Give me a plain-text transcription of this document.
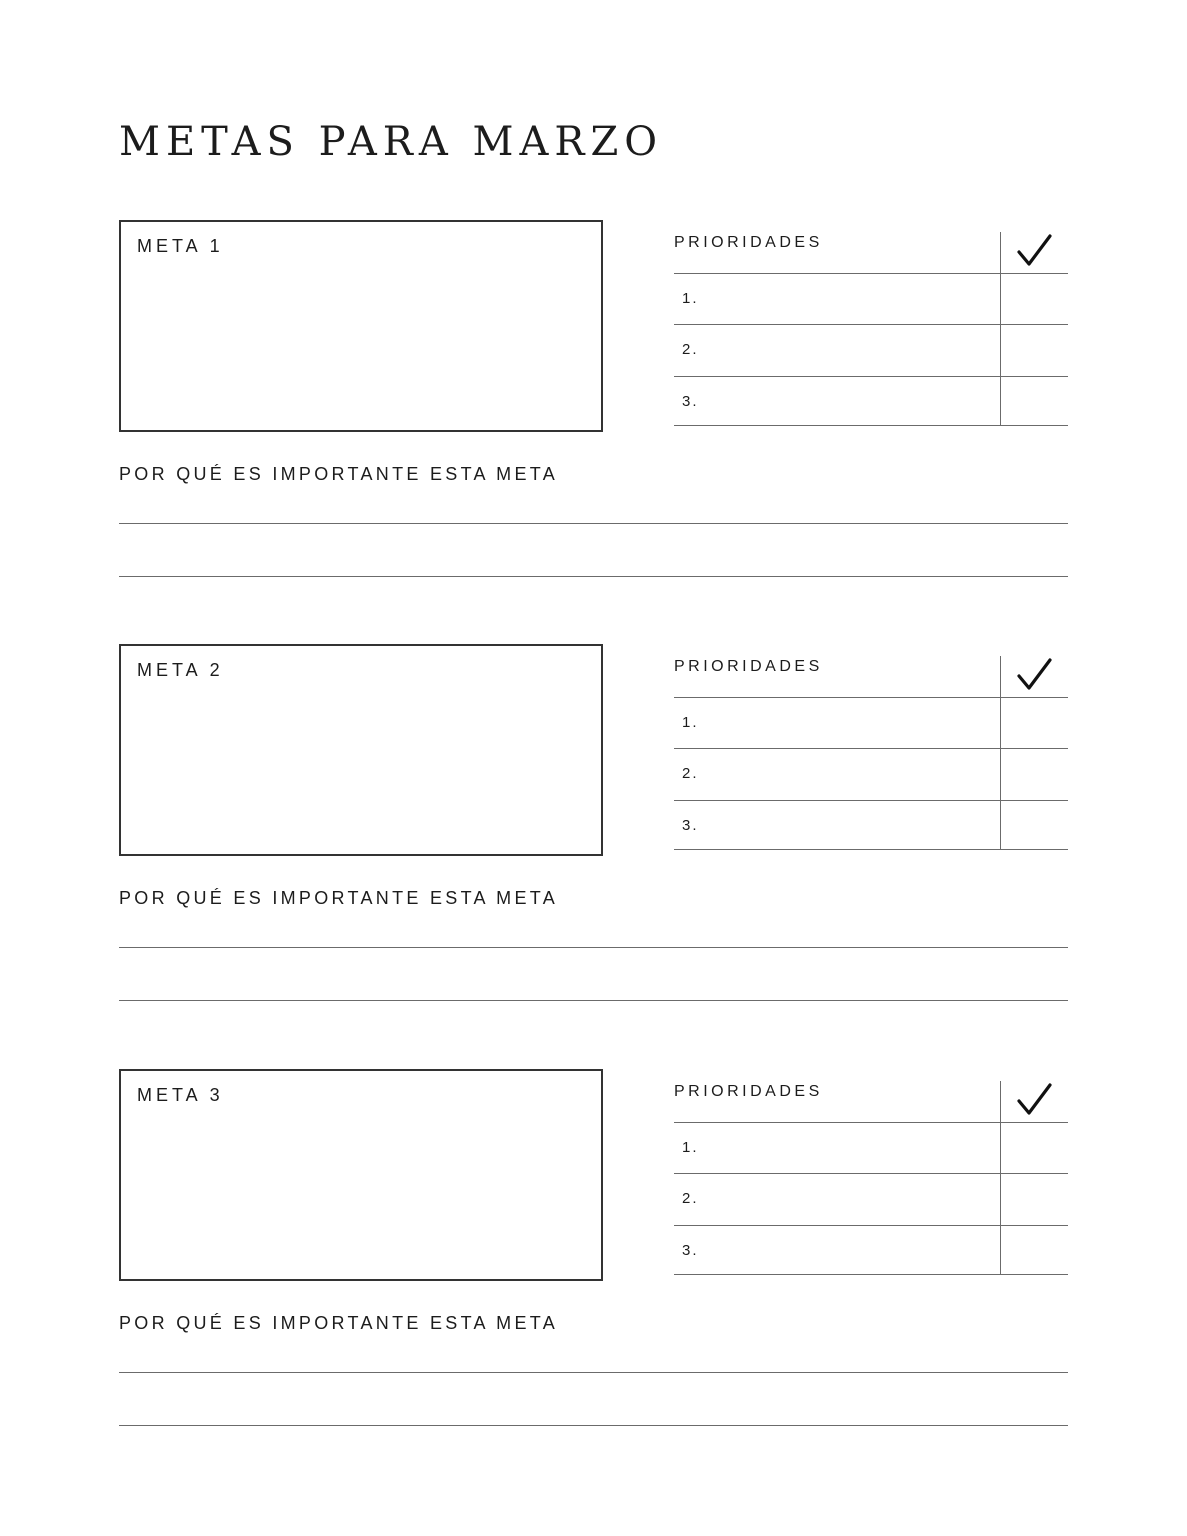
METAS PARA MARZO
META 1	PRIORIDADES
1.
2.
3.
POR QUÉ ES IMPORTANTE ESTA META
META 2	PRIORIDADES
1.
2.
3.
POR QUÉ ES IMPORTANTE ESTA META
META 3	PRIORIDADES
1.
2.
3.
POR QUÉ ES IMPORTANTE ESTA META
